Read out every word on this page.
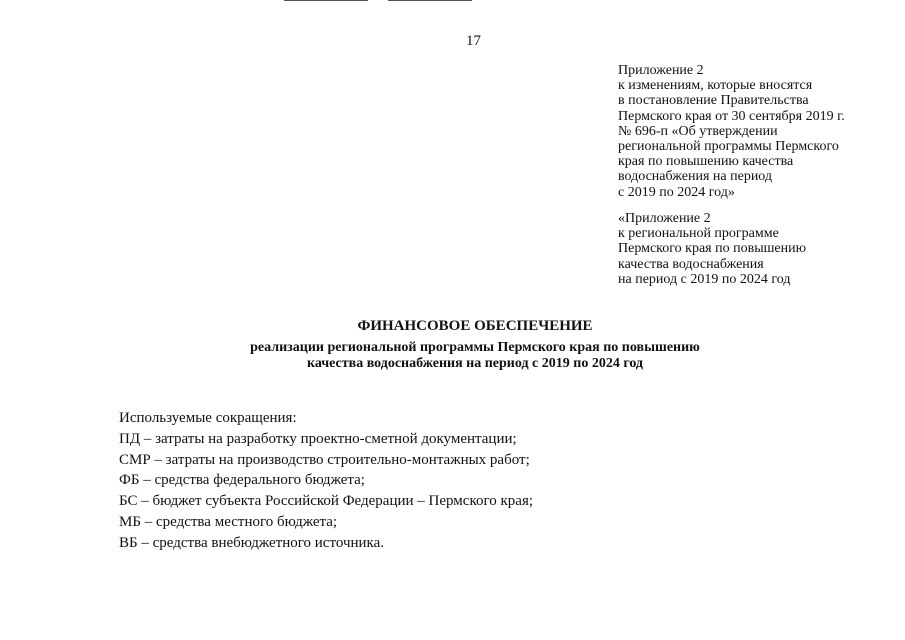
17
Приложение 2
к изменениям, которые вносятся
в постановление Правительства
Пермского края от 30 сентября 2019 г.
№ 696-п «Об утверждении
региональной программы Пермского
края по повышению качества
водоснабжения на период
с 2019 по 2024 год»
«Приложение 2
к региональной программе
Пермского края по повышению
качества водоснабжения
на период с 2019 по 2024 год
ФИНАНСОВОЕ ОБЕСПЕЧЕНИЕ
реализации региональной программы Пермского края по повышению
качества водоснабжения на период с 2019 по 2024 год
Используемые сокращения:
ПД – затраты на разработку проектно-сметной документации;
СМР – затраты на производство строительно-монтажных работ;
ФБ – средства федерального бюджета;
БС – бюджет субъекта Российской Федерации – Пермского края;
МБ – средства местного бюджета;
ВБ – средства внебюджетного источника.
